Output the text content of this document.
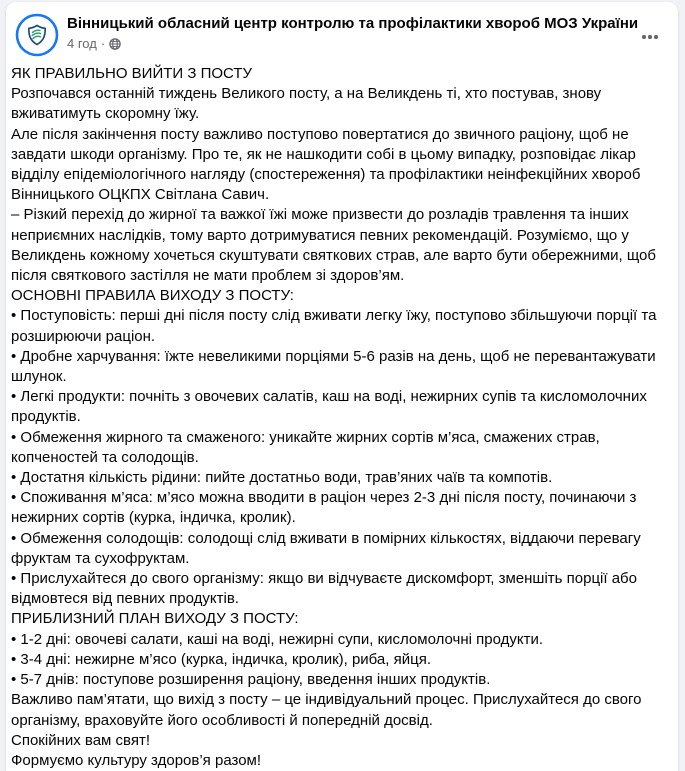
Вінницький обласний центр контролю та профілактики хвороб МОЗ України
4 год ·
ЯК ПРАВИЛЬНО ВИЙТИ З ПОСТУ
Розпочався останній тиждень Великого посту, а на Великдень ті, хто постував, знову вживатимуть скоромну їжу.
Але після закінчення посту важливо поступово повертатися до звичного раціону, щоб не завдати шкоди організму. Про те, як не нашкодити собі в цьому випадку, розповідає лікар відділу епідеміологічного нагляду (спостереження) та профілактики неінфекційних хвороб Вінницького ОЦКПХ Світлана Савич.
– Різкий перехід до жирної та важкої їжі може призвести до розладів травлення та інших неприємних наслідків, тому варто дотримуватися певних рекомендацій. Розуміємо, що у Великдень кожному хочеться скуштувати святкових страв, але варто бути обережними, щоб після святкового застілля не мати проблем зі здоров’ям.
ОСНОВНІ ПРАВИЛА ВИХОДУ З ПОСТУ:
• Поступовість: перші дні після посту слід вживати легку їжу, поступово збільшуючи порції та розширюючи раціон.
• Дробне харчування: їжте невеликими порціями 5-6 разів на день, щоб не перевантажувати шлунок.
• Легкі продукти: почніть з овочевих салатів, каш на воді, нежирних супів та кисломолочних продуктів.
• Обмеження жирного та смаженого: уникайте жирних сортів м’яса, смажених страв, копченостей та солодощів.
• Достатня кількість рідини: пийте достатньо води, трав’яних чаїв та компотів.
• Споживання м’яса: м’ясо можна вводити в раціон через 2-3 дні після посту, починаючи з нежирних сортів (курка, індичка, кролик).
• Обмеження солодощів: солодощі слід вживати в помірних кількостях, віддаючи перевагу фруктам та сухофруктам.
• Прислухайтеся до свого організму: якщо ви відчуваєте дискомфорт, зменшіть порції або відмовтеся від певних продуктів.
ПРИБЛИЗНИЙ ПЛАН ВИХОДУ З ПОСТУ:
• 1-2 дні: овочеві салати, каші на воді, нежирні супи, кисломолочні продукти.
• 3-4 дні: нежирне м’ясо (курка, індичка, кролик), риба, яйця.
• 5-7 днів: поступове розширення раціону, введення інших продуктів.
Важливо пам’ятати, що вихід з посту – це індивідуальний процес. Прислухайтеся до свого організму, враховуйте його особливості й попередній досвід.
Спокійних вам свят!
Формуємо культуру здоров’я разом!
